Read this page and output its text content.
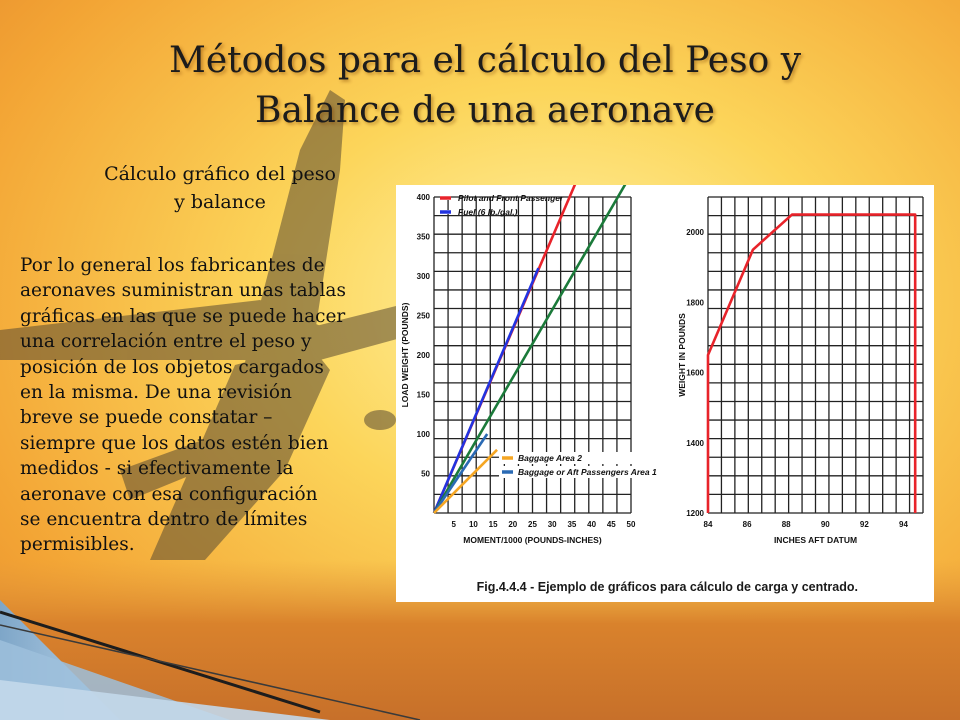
Métodos para el cálculo del Peso y
Balance de una aeronave
Cálculo gráfico del peso
y balance
Por lo general los fabricantes de
aeronaves suministran unas tablas
gráficas en las que se puede hacer
una correlación entre el peso y
posición de los objetos cargados
en la misma. De una revisión
breve se puede constatar –
siempre que los datos estén bien
medidos - si efectivamente la
aeronave con esa configuración
se encuentra dentro de límites
permisibles.
Fig.4.4.4 - Ejemplo de gráficos para cálculo de carga y centrado.
5 10 15 20 25 30 35 40 45 50
50
100
150
200
250
300
350
400
MOMENT/1000 (POUNDS-INCHES)
LOAD WEIGHT (POUNDS)
Pilot and Front Passenger
Fuel (6 lb./gal.)
Baggage Area 2
Baggage or Aft Passengers Area 1
84	86	88	90	92	94
1200
1400
1600
1800
2000
INCHES AFT DATUM
WEIGHT IN POUNDS
